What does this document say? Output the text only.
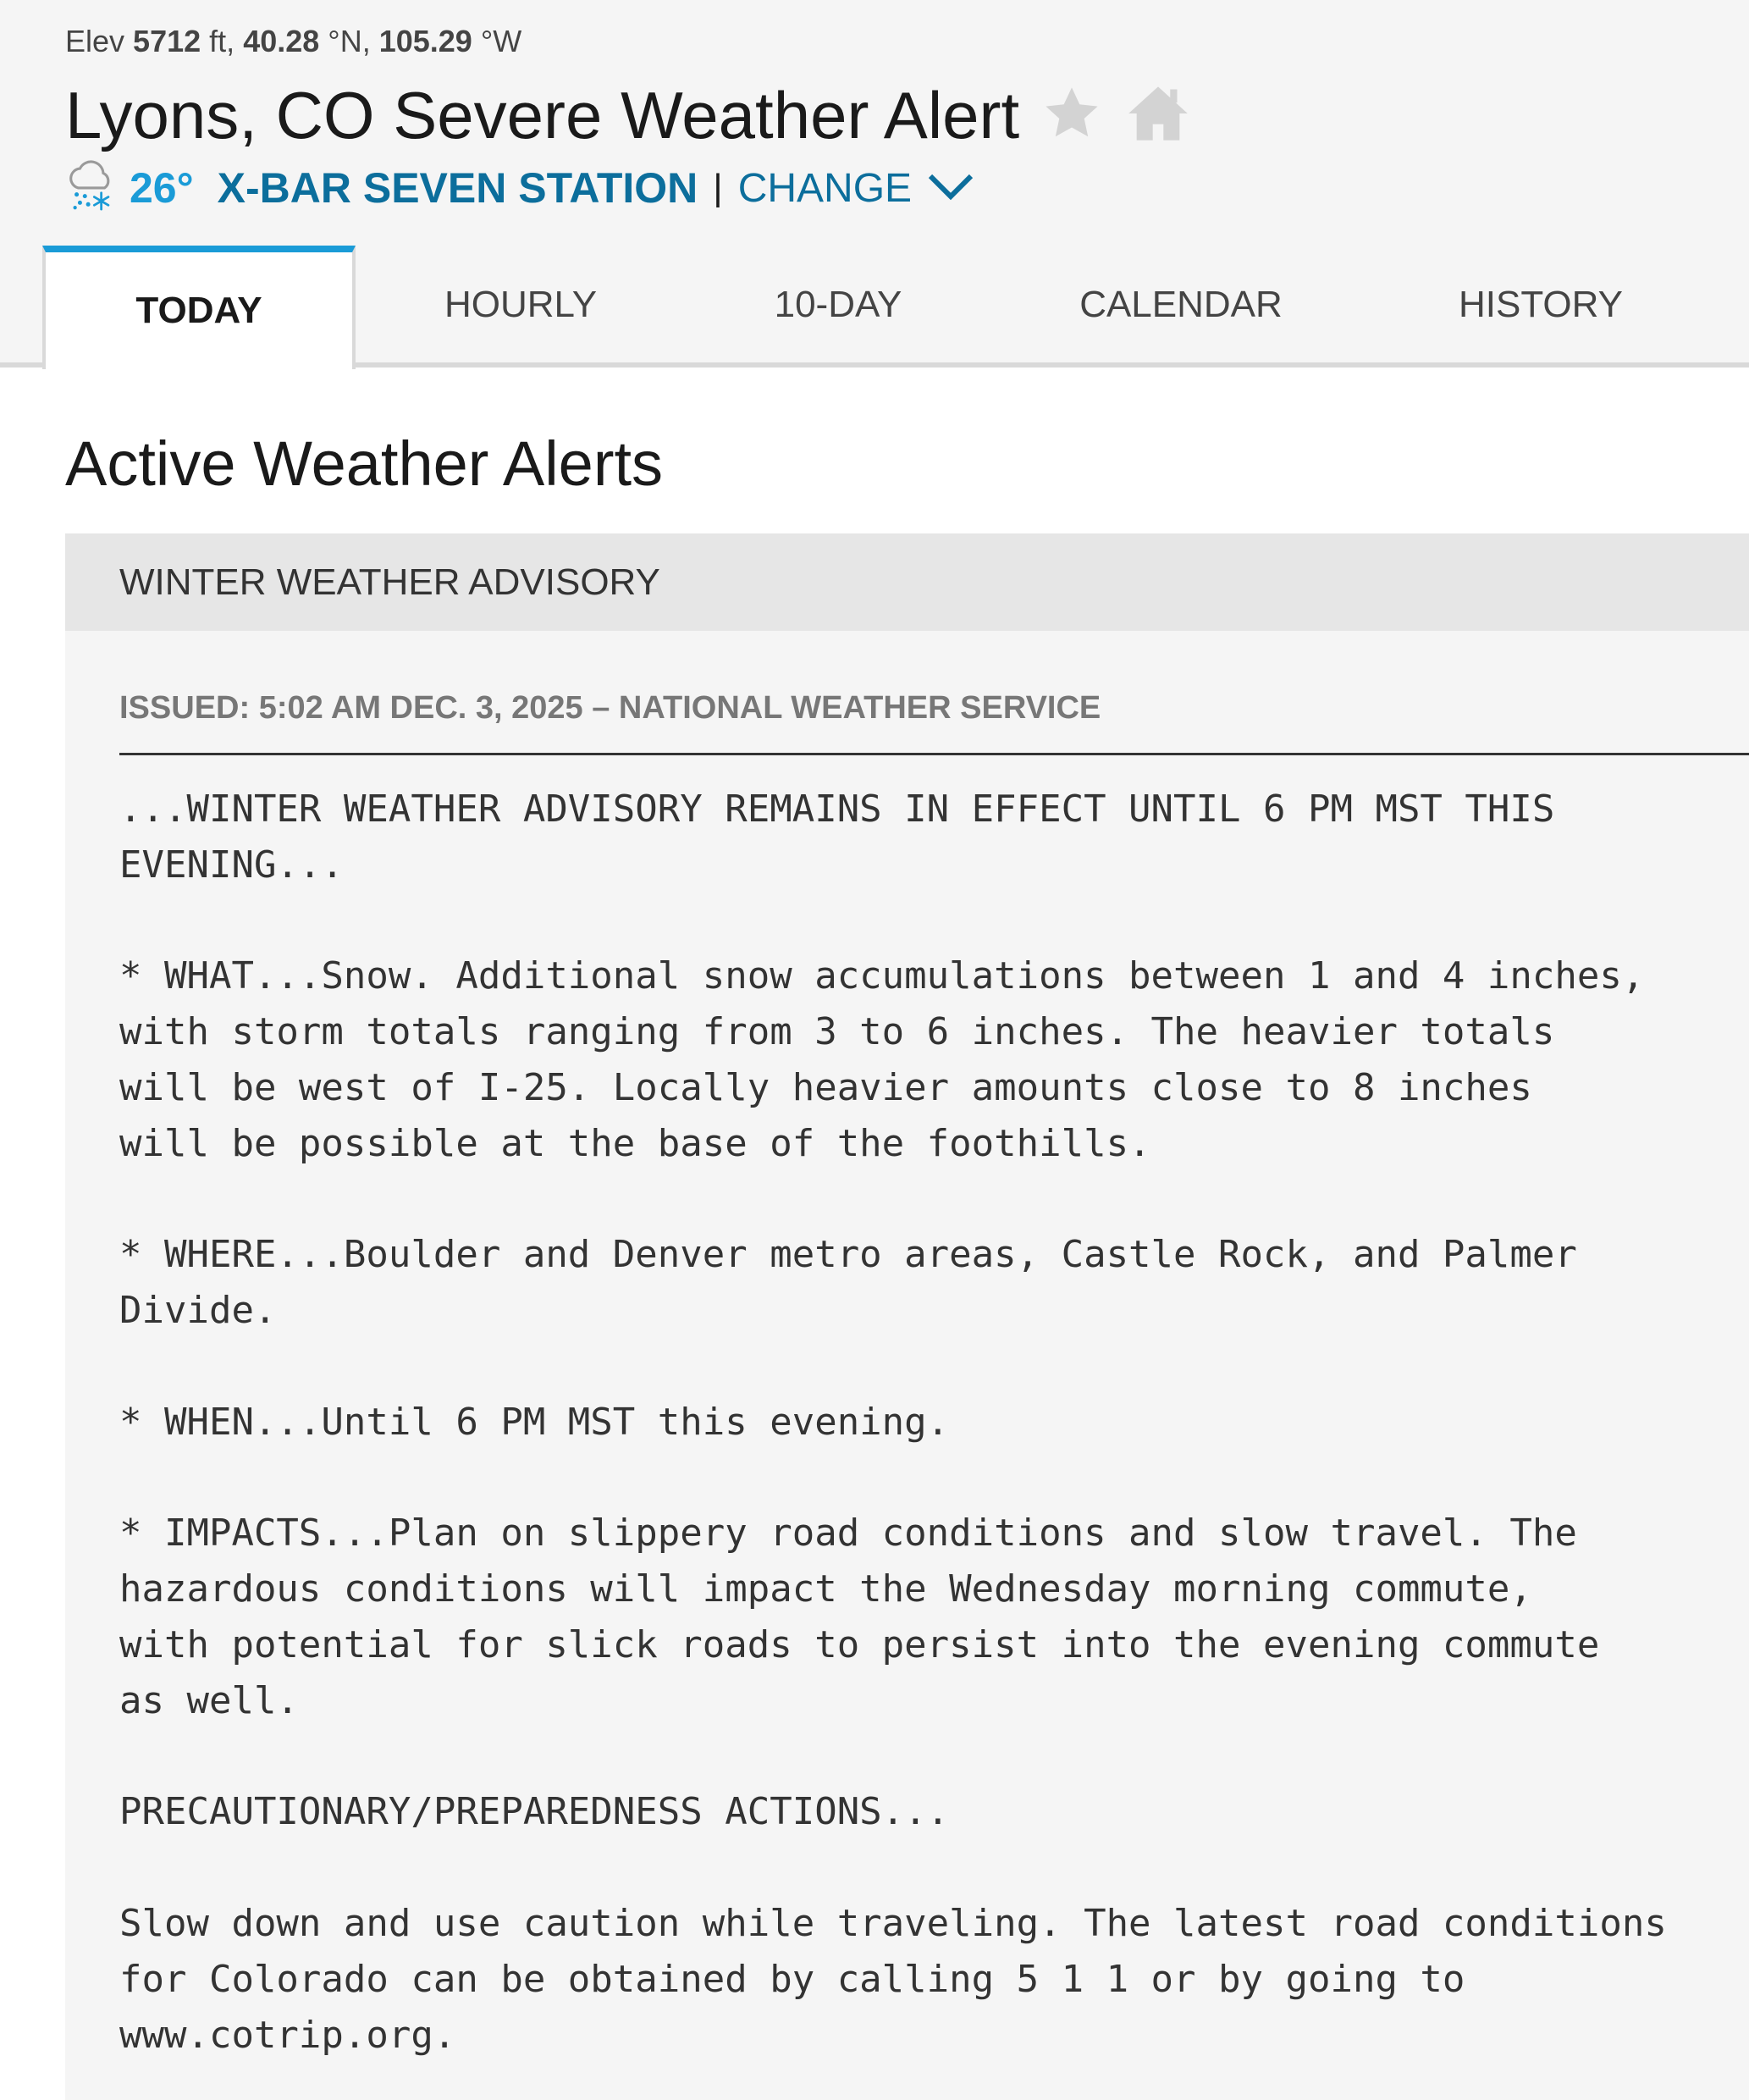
Elev 5712 ft, 40.28 °N, 105.29 °W
Lyons, CO Severe Weather Alert
26° X-BAR SEVEN STATION | CHANGE
TODAY	HOURLY	10-DAY	CALENDAR	HISTORY
Active Weather Alerts
WINTER WEATHER ADVISORY
ISSUED: 5:02 AM DEC. 3, 2025 – NATIONAL WEATHER SERVICE

...WINTER WEATHER ADVISORY REMAINS IN EFFECT UNTIL 6 PM MST THIS
EVENING...

* WHAT...Snow. Additional snow accumulations between 1 and 4 inches,
with storm totals ranging from 3 to 6 inches. The heavier totals
will be west of I-25. Locally heavier amounts close to 8 inches
will be possible at the base of the foothills.

* WHERE...Boulder and Denver metro areas, Castle Rock, and Palmer
Divide.

* WHEN...Until 6 PM MST this evening.

* IMPACTS...Plan on slippery road conditions and slow travel. The
hazardous conditions will impact the Wednesday morning commute,
with potential for slick roads to persist into the evening commute
as well.

PRECAUTIONARY/PREPAREDNESS ACTIONS...

Slow down and use caution while traveling. The latest road conditions
for Colorado can be obtained by calling 5 1 1 or by going to
www.cotrip.org.
